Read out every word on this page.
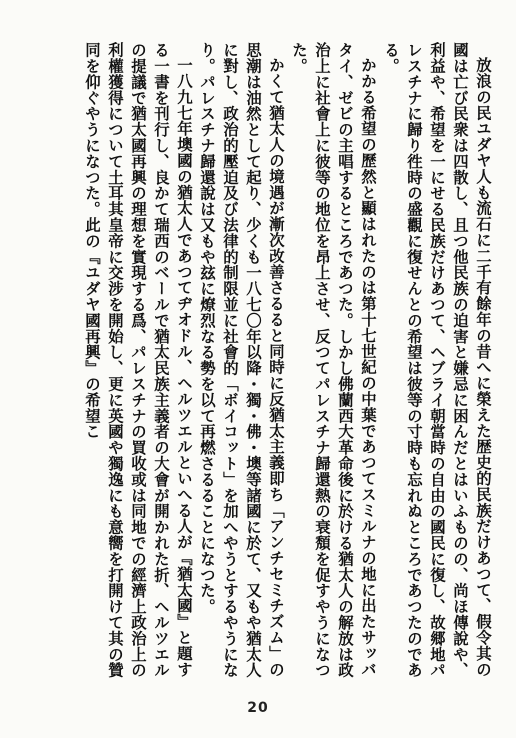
放浪の民ユダヤ人も流石に二千有餘年の昔へに榮えた歴史的民族だけあつて、假令其の國は亡び民衆は四散し、且つ他民族の迫害と嫌忌に困んだとはいふものの、尚ほ傳說や、利益や、希望を一にせる民族だけあつて、ヘブライ朝當時の自由の國民に復し、故郷地パレスチナに歸り徃時の盛觀に復せんとの希望は彼等の寸時も忘れぬところであつたのである。

かかる希望の歷然と顯はれたのは第十七世紀の中葉であつてスミルナの地に出たサッバタイ、ゼビの主唱するところであつた。しかし佛蘭西大革命後に於ける猶太人の解放は政治上に社會上に彼等の地位を昂上させ、反つてパレスチナ歸還熱の衰頽を促すやうになつた。

かくて猶太人の境遇が漸次改善さるると同時に反猶太主義即ち「アンチセミチズム」の思潮は油然として起り、少くも一八七〇年以降・獨・佛・墺等諸國に於て、又もや猶太人に對し、政治的壓迫及び法律的制限並に社會的「ボイコット」を加へやうとするやうになり。パレスチナ歸還說は又もや玆に燎烈なる勢を以て再燃さるることになつた。

一八九七年墺國の猶太人であつてヂオドル、ヘルツエルといへる人が『猶太國』と題する一書を刊行し、良かて瑞西のベールで猶太民族主義者の大會が開かれた折、ヘルツエルの提議で猶太國再興の理想を實現する爲、パレスチナの買收或は同地での經濟上政治上の利權獲得について土耳其皇帝に交涉を開始し、更に英國や獨逸にも意嚮を打開けて其の贊同を仰ぐやうになつた。此の『ユダヤ國再興』の希望こ

20
